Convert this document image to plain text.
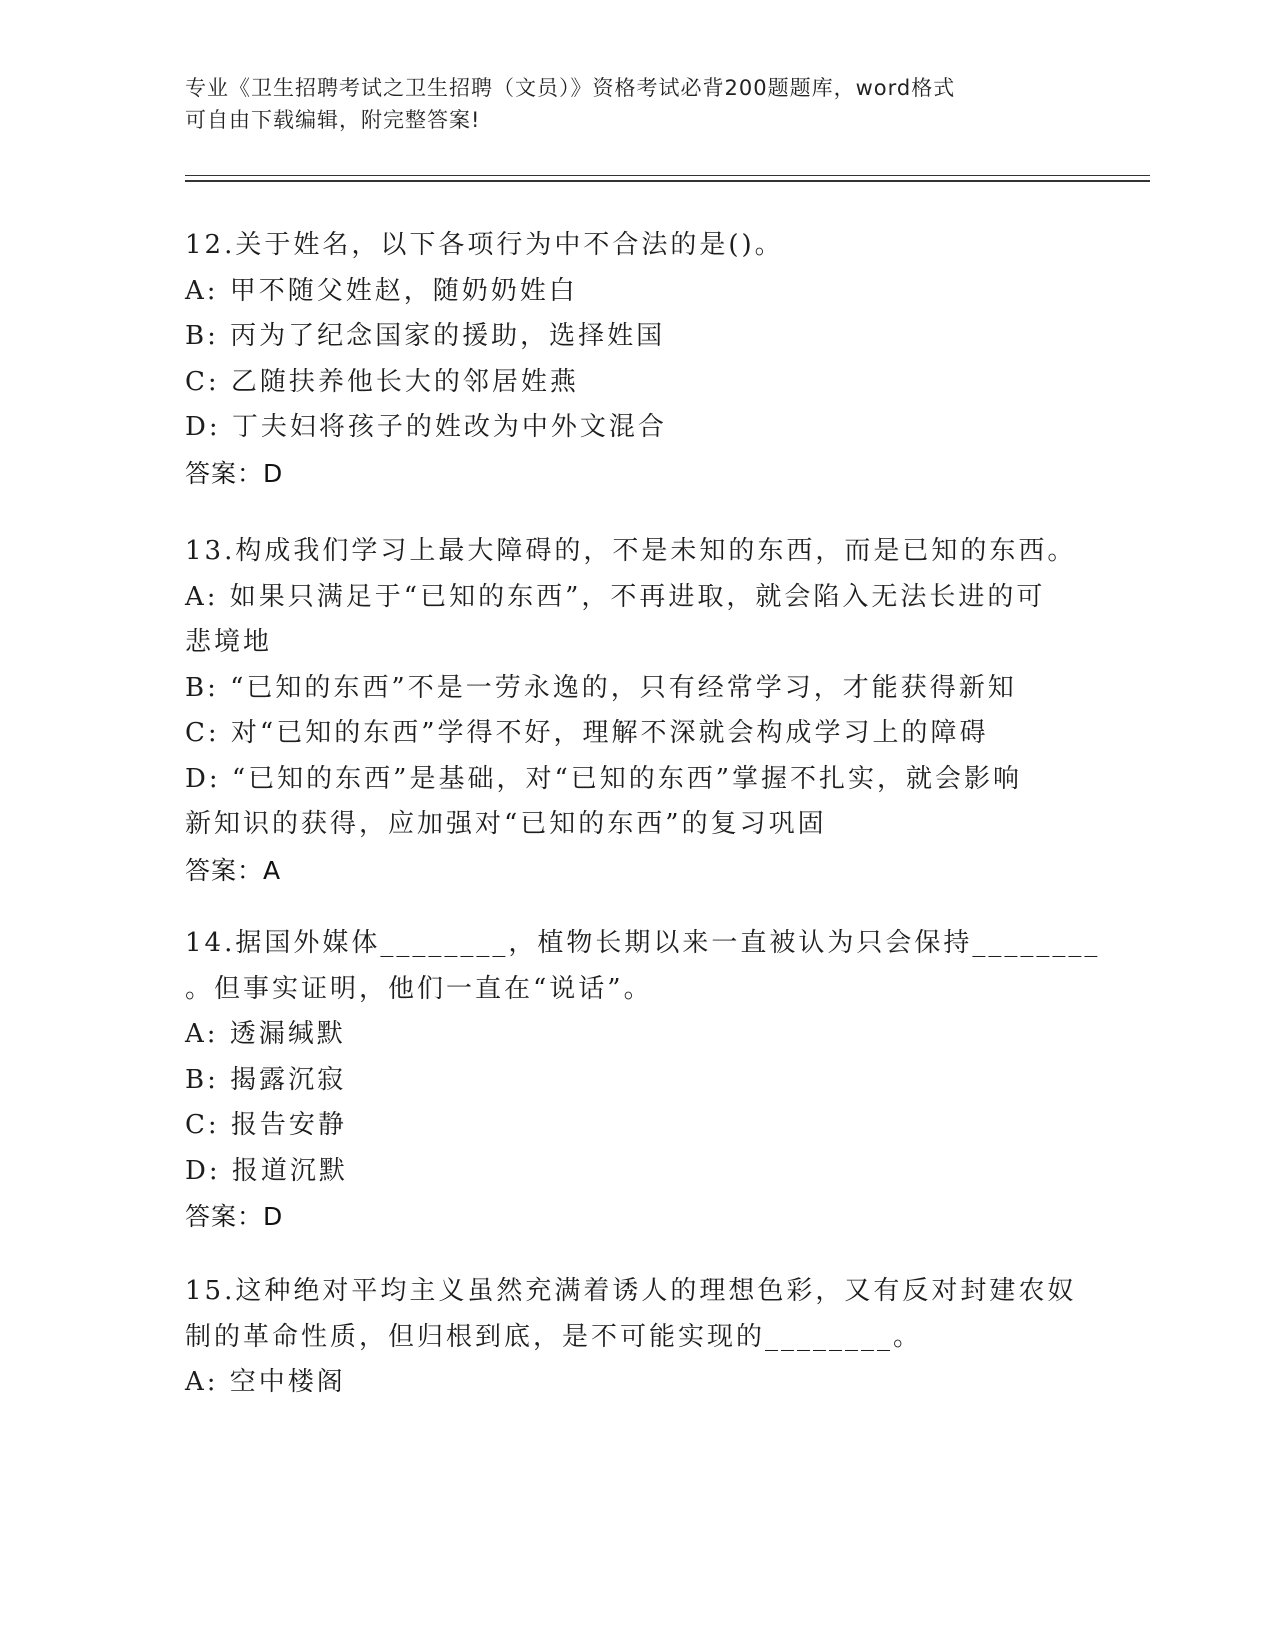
专业《卫生招聘考试之卫生招聘（文员）》资格考试必背200题题库，word格式
可自由下载编辑，附完整答案!
12.关于姓名，以下各项行为中不合法的是()。
A: 甲不随父姓赵，随奶奶姓白
B: 丙为了纪念国家的援助，选择姓国
C: 乙随扶养他长大的邻居姓燕
D: 丁夫妇将孩子的姓改为中外文混合
答案：D
13.构成我们学习上最大障碍的，不是未知的东西，而是已知的东西。
A: 如果只满足于“已知的东西”，不再进取，就会陷入无法长进的可
悲境地
B: “已知的东西”不是一劳永逸的，只有经常学习，才能获得新知
C: 对“已知的东西”学得不好，理解不深就会构成学习上的障碍
D: “已知的东西”是基础，对“已知的东西”掌握不扎实，就会影响
新知识的获得，应加强对“已知的东西”的复习巩固
答案：A
14.据国外媒体________，植物长期以来一直被认为只会保持________
。但事实证明，他们一直在“说话”。
A: 透漏缄默
B: 揭露沉寂
C: 报告安静
D: 报道沉默
答案：D
15.这种绝对平均主义虽然充满着诱人的理想色彩，又有反对封建农奴
制的革命性质，但归根到底，是不可能实现的________。
A: 空中楼阁
